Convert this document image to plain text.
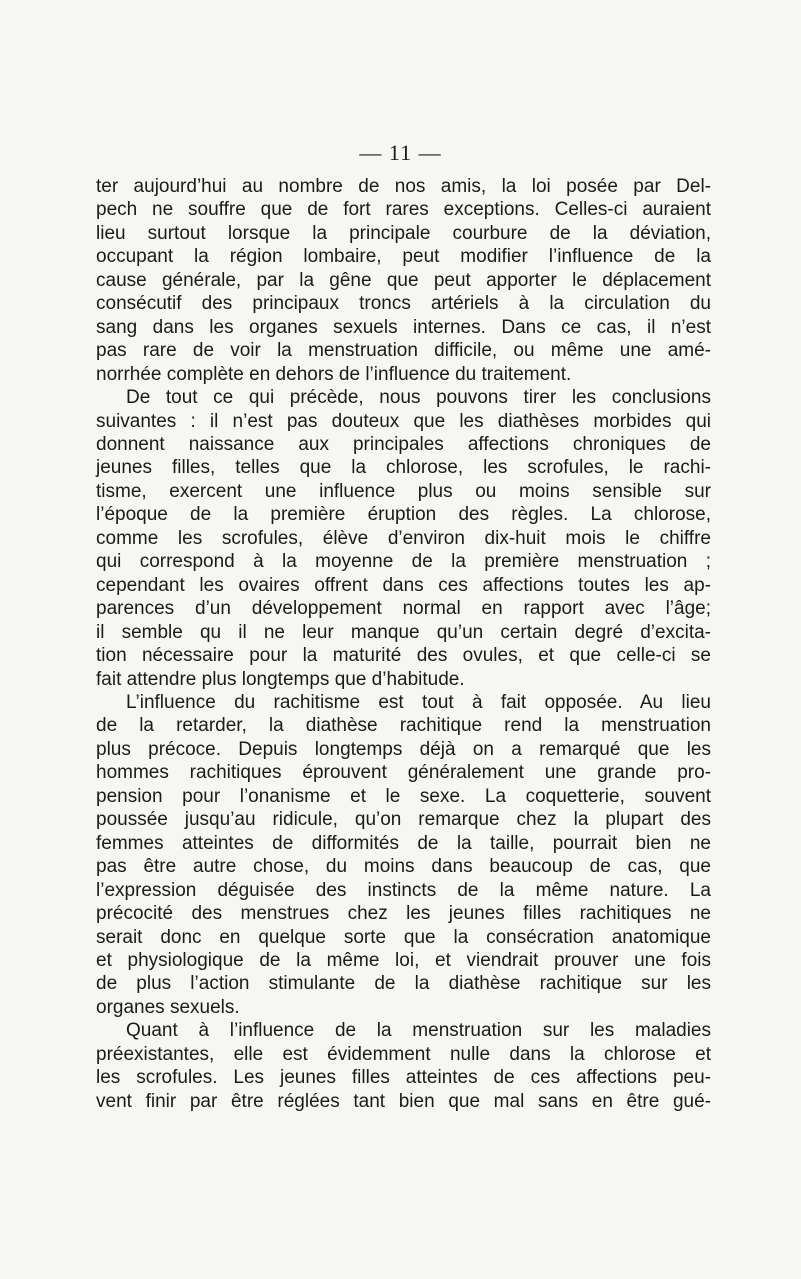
— 11 —
ter aujourd’hui au nombre de nos amis, la loi posée par Del-
pech ne souffre que de fort rares exceptions. Celles-ci auraient
lieu surtout lorsque la principale courbure de la déviation,
occupant la région lombaire, peut modifier l’influence de la
cause générale, par la gêne que peut apporter le déplacement
consécutif des principaux troncs artériels à la circulation du
sang dans les organes sexuels internes. Dans ce cas, il n’est
pas rare de voir la menstruation difficile, ou même une amé-
norrhée complète en dehors de l’influence du traitement.
De tout ce qui précède, nous pouvons tirer les conclusions
suivantes : il n’est pas douteux que les diathèses morbides qui
donnent naissance aux principales affections chroniques de
jeunes filles, telles que la chlorose, les scrofules, le rachi-
tisme, exercent une influence plus ou moins sensible sur
l’époque de la première éruption des règles. La chlorose,
comme les scrofules, élève d’environ dix-huit mois le chiffre
qui correspond à la moyenne de la première menstruation ;
cependant les ovaires offrent dans ces affections toutes les ap-
parences d’un développement normal en rapport avec l’âge;
il semble qu il ne leur manque qu’un certain degré d’excita-
tion nécessaire pour la maturité des ovules, et que celle-ci se
fait attendre plus longtemps que d’habitude.
L’influence du rachitisme est tout à fait opposée. Au lieu
de la retarder, la diathèse rachitique rend la menstruation
plus précoce. Depuis longtemps déjà on a remarqué que les
hommes rachitiques éprouvent généralement une grande pro-
pension pour l’onanisme et le sexe. La coquetterie, souvent
poussée jusqu’au ridicule, qu’on remarque chez la plupart des
femmes atteintes de difformités de la taille, pourrait bien ne
pas être autre chose, du moins dans beaucoup de cas, que
l’expression déguisée des instincts de la même nature. La
précocité des menstrues chez les jeunes filles rachitiques ne
serait donc en quelque sorte que la consécration anatomique
et physiologique de la même loi, et viendrait prouver une fois
de plus l’action stimulante de la diathèse rachitique sur les
organes sexuels.
Quant à l’influence de la menstruation sur les maladies
préexistantes, elle est évidemment nulle dans la chlorose et
les scrofules. Les jeunes filles atteintes de ces affections peu-
vent finir par être réglées tant bien que mal sans en être gué-
